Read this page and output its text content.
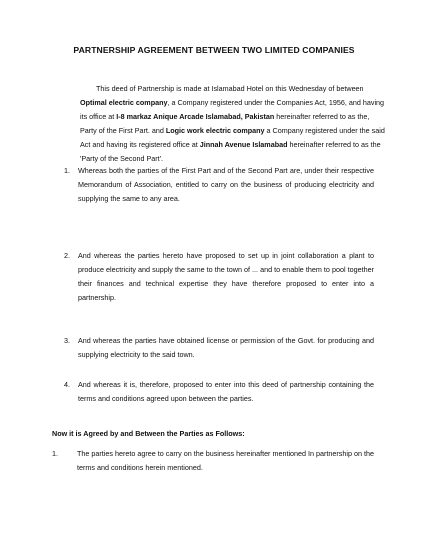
PARTNERSHIP AGREEMENT BETWEEN TWO LIMITED COMPANIES
This deed of Partnership is made at Islamabad Hotel on this Wednesday of between
Optimal electric company, a Company registered under the Companies Act, 1956, and having
its office at I-8 markaz Anique Arcade Islamabad, Pakistan hereinafter referred to as the,
Party of the First Part. and Logic work electric company a Company registered under the said
Act and having its registered office at Jinnah Avenue Islamabad hereinafter referred to as the
'Party of the Second Part'.
1. Whereas both the parties of the First Part and of the Second Part are, under their respective Memorandum of Association, entitled to carry on the business of producing electricity and supplying the same to any area.
2. And whereas the parties hereto have proposed to set up in joint collaboration a plant to produce electricity and supply the same to the town of ... and to enable them to pool together their finances and technical expertise they have therefore proposed to enter into a partnership.
3. And whereas the parties have obtained license or permission of the Govt. for producing and supplying electricity to the said town.
4. And whereas it is, therefore, proposed to enter into this deed of partnership containing the terms and conditions agreed upon between the parties.
Now it is Agreed by and Between the Parties as Follows:
1.	The parties hereto agree to carry on the business hereinafter mentioned In partnership on the terms and conditions herein mentioned.
